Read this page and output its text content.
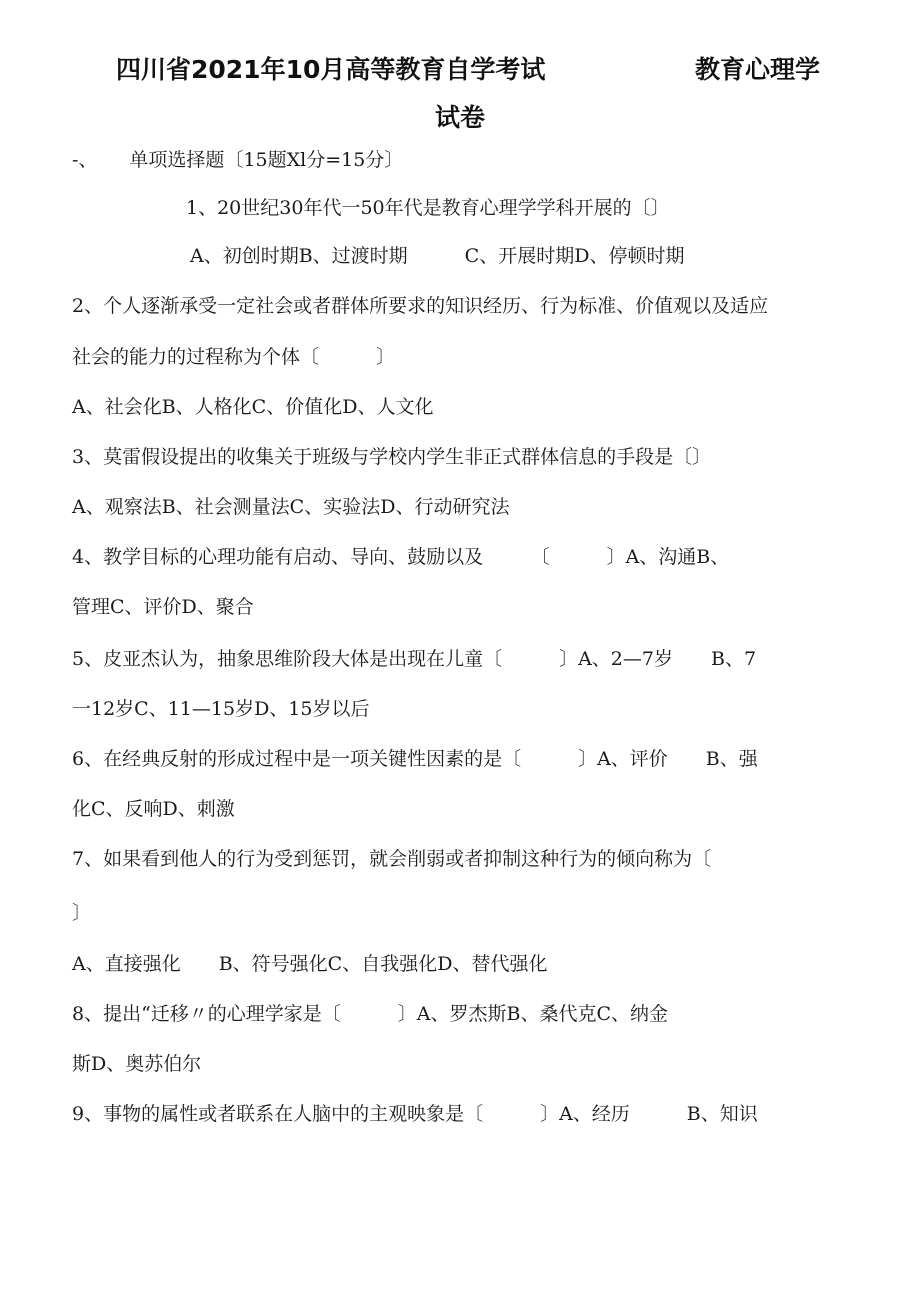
四川省2021年10月高等教育自学考试	教育心理学
试卷
-、 单项选择题〔15题Xl分=15分〕
1、20世纪30年代一50年代是教育心理学学科开展的〔〕
A、初创时期B、过渡时期　　　C、开展时期D、停顿时期
2、个人逐渐承受一定社会或者群体所要求的知识经历、行为标准、价值观以及适应
社会的能力的过程称为个体〔　　　〕
A、社会化B、人格化C、价值化D、人文化
3、莫雷假设提出的收集关于班级与学校内学生非正式群体信息的手段是〔〕
A、观察法B、社会测量法C、实验法D、行动研究法
4、教学目标的心理功能有启动、导向、鼓励以及　　　〔　　　〕A、沟通B、
管理C、评价D、聚合
5、皮亚杰认为，抽象思维阶段大体是出现在儿童〔　　　〕A、2—7岁　　B、7
一12岁C、11—15岁D、15岁以后
6、在经典反射的形成过程中是一项关键性因素的是〔　　　〕A、评价　　B、强
化C、反响D、刺激
7、如果看到他人的行为受到惩罚，就会削弱或者抑制这种行为的倾向称为〔
〕
A、直接强化　　B、符号强化C、自我强化D、替代强化
8、提出“迁移〃的心理学家是〔　　　〕A、罗杰斯B、桑代克C、纳金
斯D、奥苏伯尔
9、事物的属性或者联系在人脑中的主观映象是〔　　　〕A、经历　　　B、知识
